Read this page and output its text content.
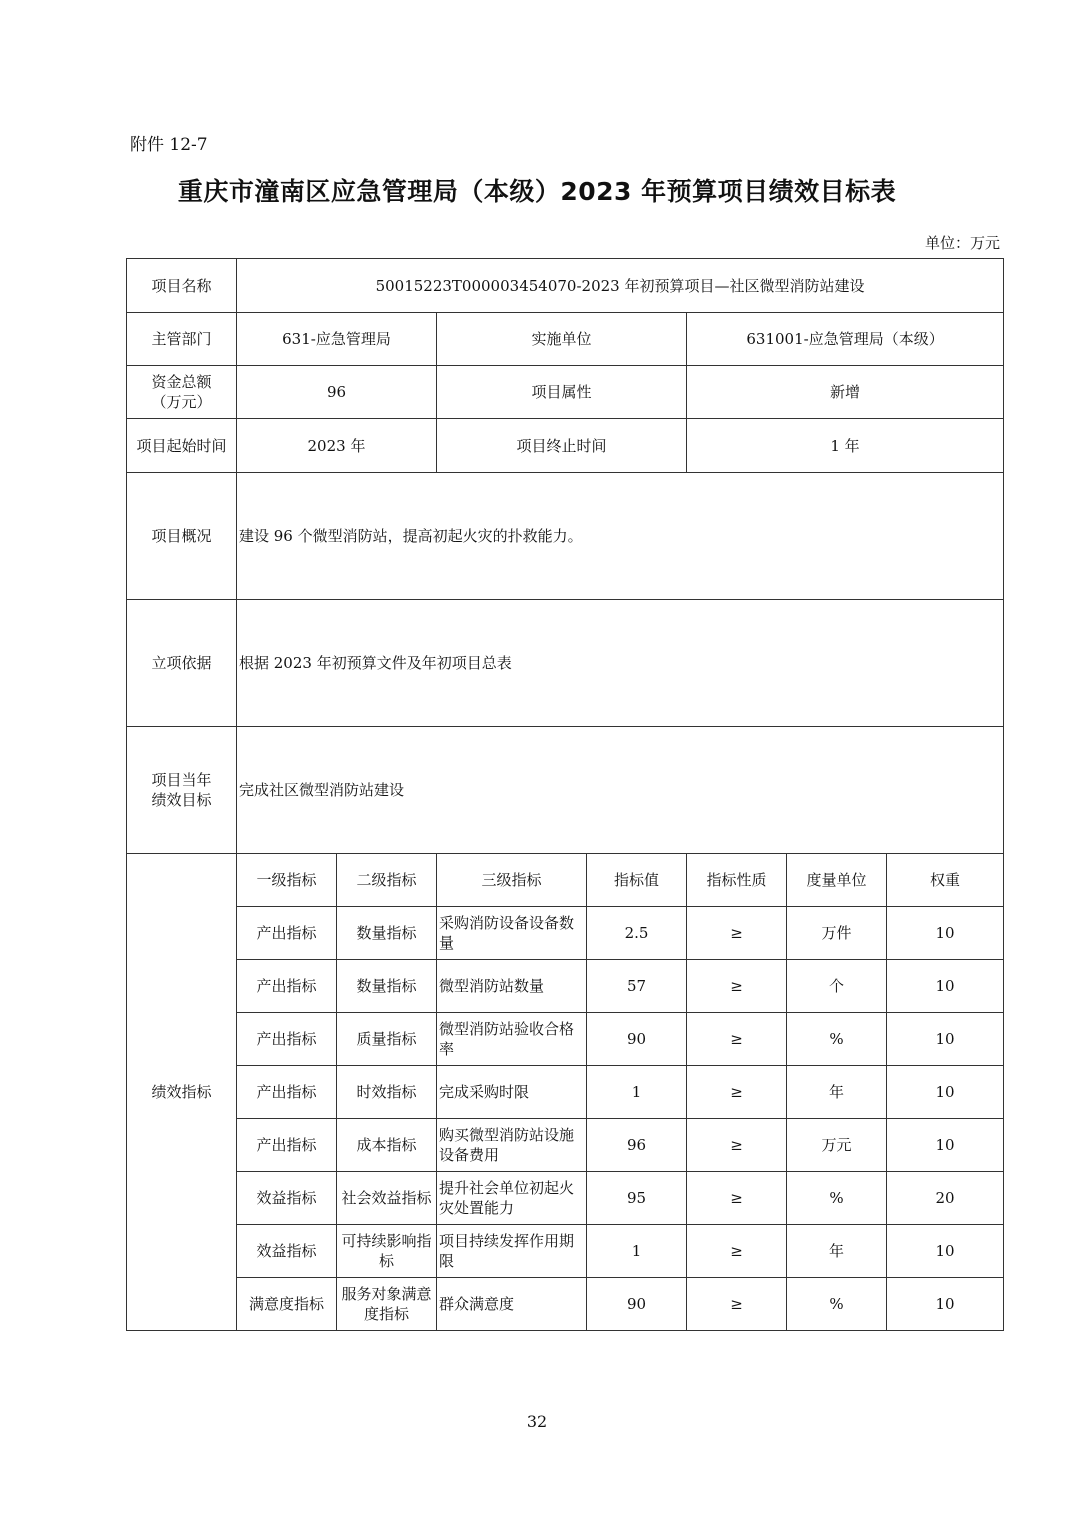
附件 12-7
重庆市潼南区应急管理局（本级）2023 年预算项目绩效目标表
单位：万元
项目名称	50015223T000003454070-2023 年初预算项目—社区微型消防站建设						
主管部门	631-应急管理局		实施单位		631001-应急管理局（本级）		
资金总额
（万元）	96		项目属性		新增		
项目起始时间	2023 年		项目终止时间		1 年		
项目概况	建设 96 个微型消防站，提高初起火灾的扑救能力。						
立项依据	根据 2023 年初预算文件及年初项目总表						
项目当年
绩效目标	完成社区微型消防站建设						
绩效指标	一级指标	二级指标	三级指标	指标值	指标性质	度量单位	权重
	产出指标	数量指标	采购消防设备设备数量	2.5	≥	万件	10
	产出指标	数量指标	微型消防站数量	57	≥	个	10
	产出指标	质量指标	微型消防站验收合格率	90	≥	%	10
	产出指标	时效指标	完成采购时限	1	≥	年	10
	产出指标	成本指标	购买微型消防站设施设备费用	96	≥	万元	10
	效益指标	社会效益指标	提升社会单位初起火灾处置能力	95	≥	%	20
	效益指标	可持续影响指标	项目持续发挥作用期限	1	≥	年	10
	满意度指标	服务对象满意度指标	群众满意度	90	≥	%	10
32
